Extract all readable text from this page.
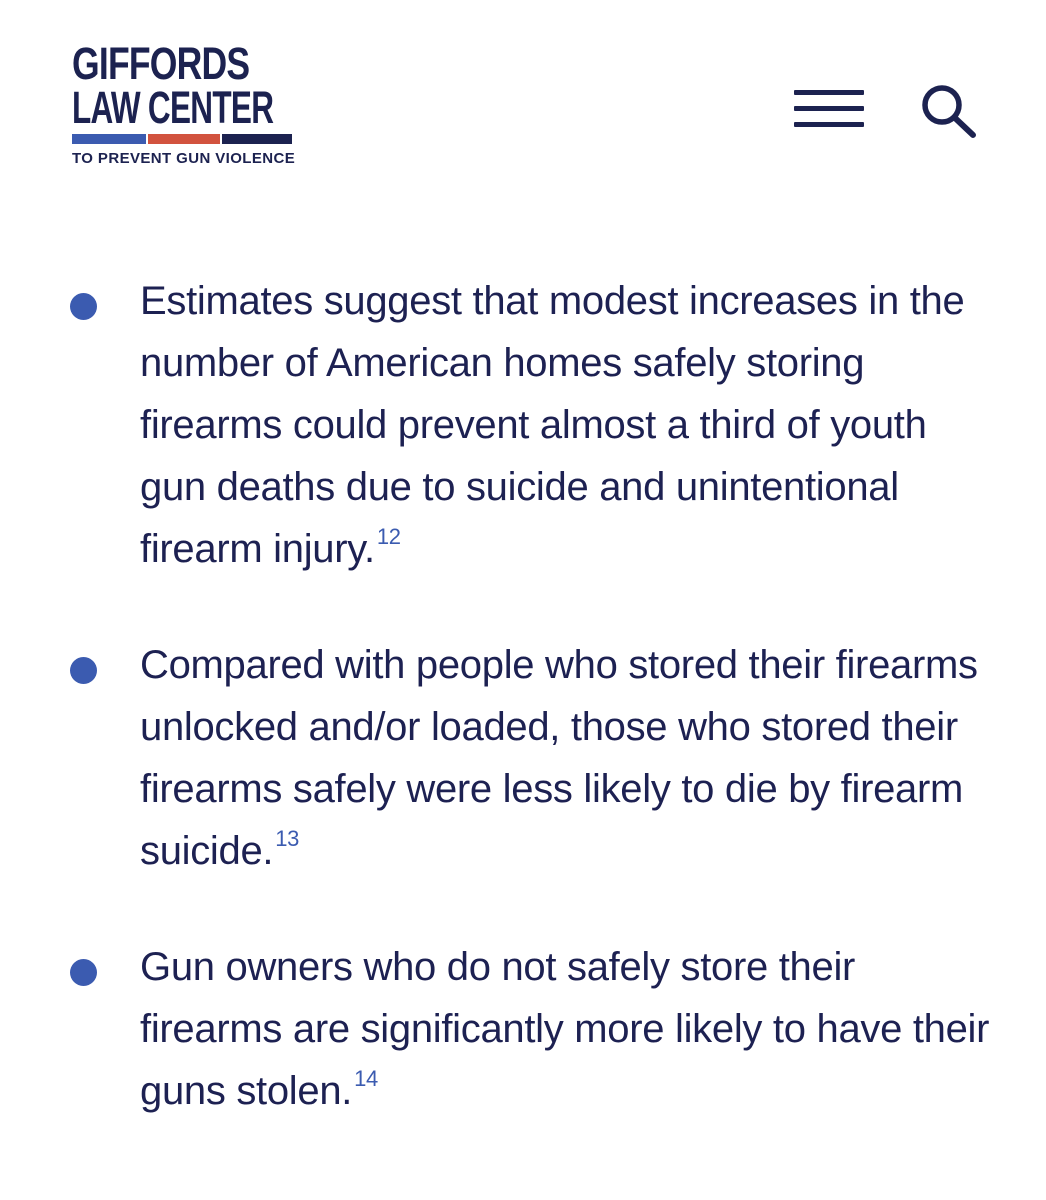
GIFFORDS
LAW CENTER
TO PREVENT GUN VIOLENCE
Estimates suggest that modest increases in the number of American homes safely storing firearms could prevent almost a third of youth gun deaths due to suicide and unintentional firearm injury.$^{12}$
Compared with people who stored their firearms unlocked and/or loaded, those who stored their firearms safely were less likely to die by firearm suicide.$^{13}$
Gun owners who do not safely store their firearms are significantly more likely to have their guns stolen.$^{14}$
